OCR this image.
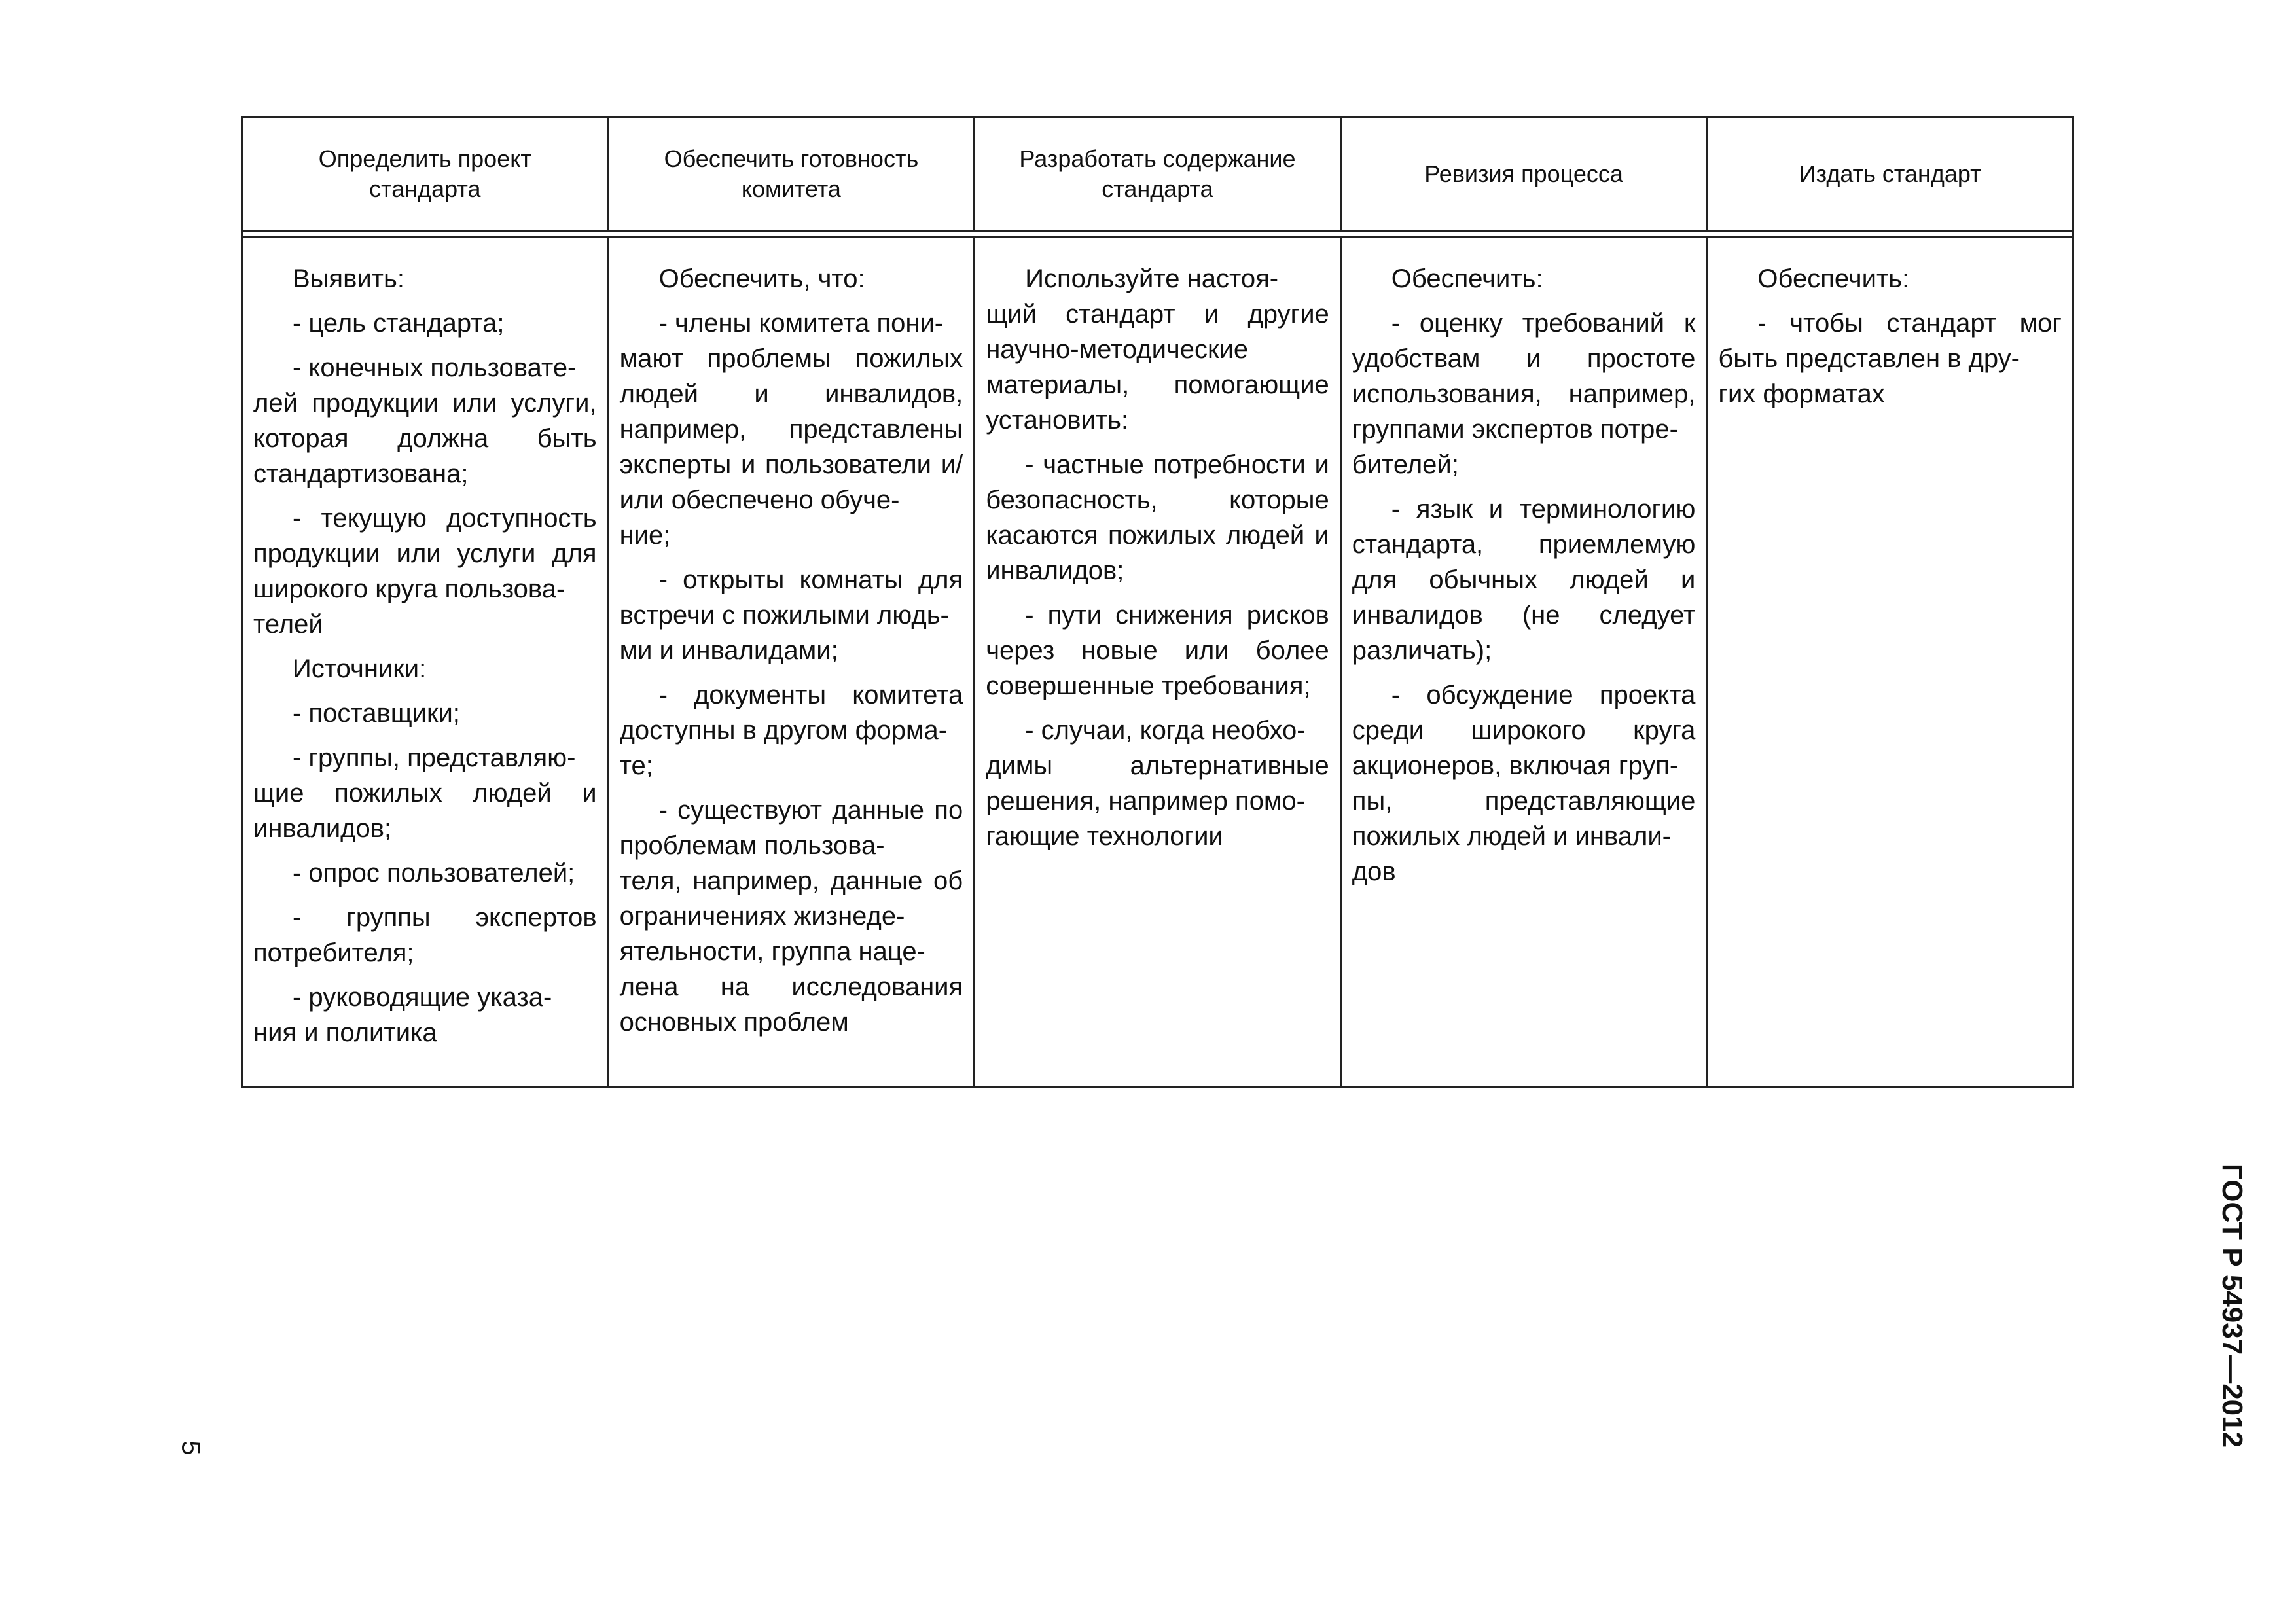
Определить проект
стандарта
Обеспечить готовность
комитета
Разработать содержание
стандарта
Ревизия процесса	Издать стандарт

Выявить:

- цель стандарта;

- конечных пользовате-
лей продукции или услуги, которая должна быть стандартизована;

- текущую доступность продукции или услуги для широкого круга пользова-
телей

Источники:

- поставщики;

- группы, представляю-
щие пожилых людей и инвалидов;

- опрос пользователей;

- группы экспертов потребителя;

- руководящие указа-
ния и политика

Обеспечить, что:

- члены комитета пони-
мают проблемы пожилых людей и инвалидов, например, представлены эксперты и пользователи и/или обеспечено обуче-
ние;

- открыты комнаты для встречи с пожилыми людь-
ми и инвалидами;

- документы комитета доступны в другом форма-
те;

- существуют данные по проблемам пользова-
теля, например, данные об ограничениях жизнеде-
ятельности, группа наце-
лена на исследования основных проблем

Используйте настоя-
щий стандарт и другие научно-методические материалы, помогающие установить:

- частные потребности и безопасность, которые касаются пожилых людей и инвалидов;

- пути снижения рисков через новые или более совершенные требования;

- случаи, когда необхо-
димы альтернативные решения, например помо-
гающие технологии

Обеспечить:

- оценку требований к удобствам и простоте использования, например, группами экспертов потре-
бителей;

- язык и терминологию стандарта, приемлемую для обычных людей и инвалидов (не следует различать);

- обсуждение проекта среди широкого круга акционеров, включая груп-
пы, представляющие пожилых людей и инвали-
дов

Обеспечить:

- чтобы стандарт мог быть представлен в дру-
гих форматах

5
ГОСТ Р 54937—2012
